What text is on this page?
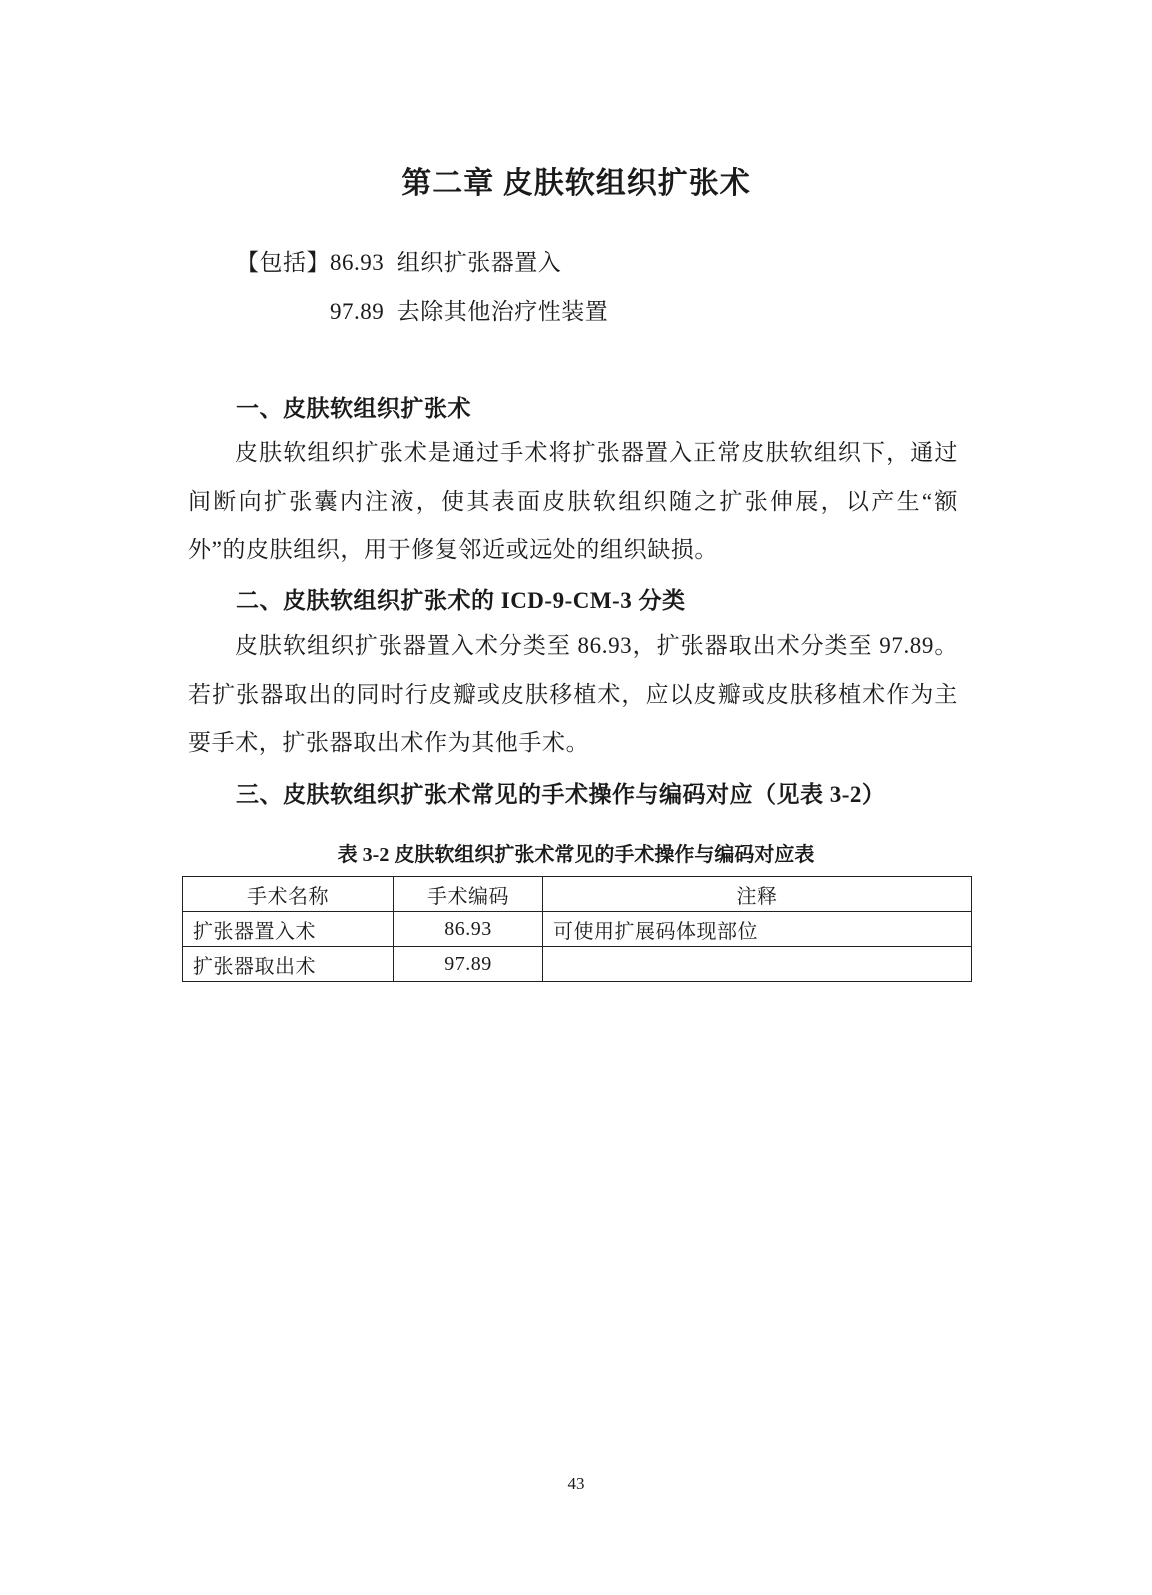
第二章 皮肤软组织扩张术
【包括】86.93 组织扩张器置入
97.89 去除其他治疗性装置
一、皮肤软组织扩张术
皮肤软组织扩张术是通过手术将扩张器置入正常皮肤软组织下，通过间断向扩张囊内注液，使其表面皮肤软组织随之扩张伸展，以产生“额外”的皮肤组织，用于修复邻近或远处的组织缺损。
二、皮肤软组织扩张术的 ICD-9-CM-3 分类
皮肤软组织扩张器置入术分类至 86.93，扩张器取出术分类至 97.89。若扩张器取出的同时行皮瓣或皮肤移植术，应以皮瓣或皮肤移植术作为主要手术，扩张器取出术作为其他手术。
三、皮肤软组织扩张术常见的手术操作与编码对应（见表 3-2）
表 3-2 皮肤软组织扩张术常见的手术操作与编码对应表
手术名称	手术编码	注释
扩张器置入术	86.93	可使用扩展码体现部位
扩张器取出术	97.89	
43
